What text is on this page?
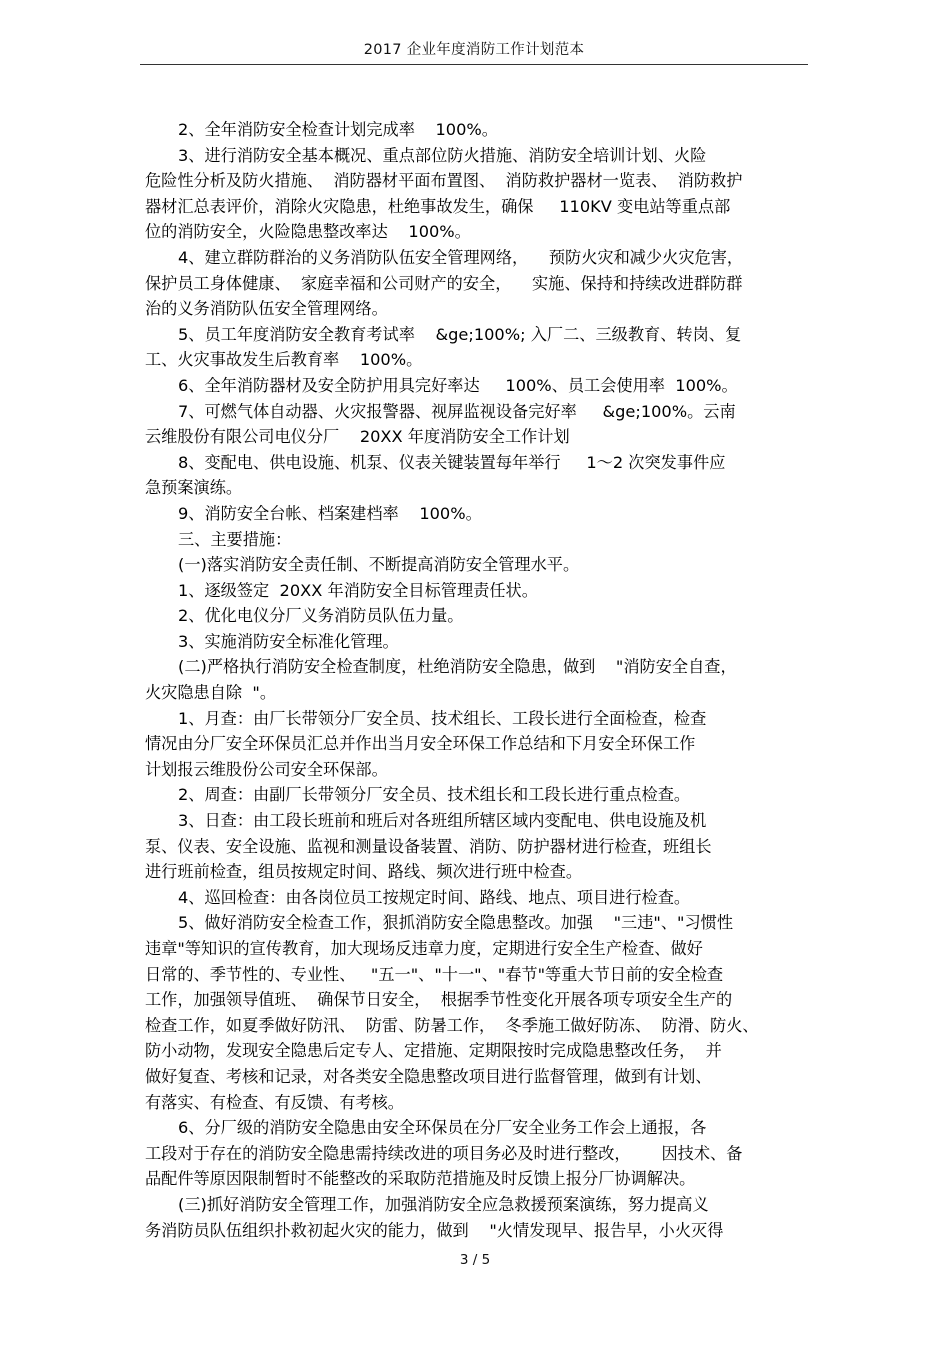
2017 企业年度消防工作计划范本
2、全年消防安全检查计划完成率    100%。
3、进行消防安全基本概况、重点部位防火措施、消防安全培训计划、火险
危险性分析及防火措施、  消防器材平面布置图、  消防救护器材一览表、  消防救护
器材汇总表评价，消除火灾隐患，杜绝事故发生，确保     110KV 变电站等重点部
位的消防安全，火险隐患整改率达    100%。
4、建立群防群治的义务消防队伍安全管理网络，    预防火灾和减少火灾危害，
保护员工身体健康、  家庭幸福和公司财产的安全，    实施、保持和持续改进群防群
治的义务消防队伍安全管理网络。
5、员工年度消防安全教育考试率    &ge;100%; 入厂二、三级教育、转岗、复
工、火灾事故发生后教育率    100%。
6、全年消防器材及安全防护用具完好率达     100%、员工会使用率  100%。
7、可燃气体自动器、火灾报警器、视屏监视设备完好率     &ge;100%。云南
云维股份有限公司电仪分厂    20XX 年度消防安全工作计划
8、变配电、供电设施、机泵、仪表关键装置每年举行     1～2 次突发事件应
急预案演练。
9、消防安全台帐、档案建档率    100%。
三、主要措施：
(一)落实消防安全责任制、不断提高消防安全管理水平。
1、逐级签定  20XX 年消防安全目标管理责任状。
2、优化电仪分厂义务消防员队伍力量。
3、实施消防安全标准化管理。
(二)严格执行消防安全检查制度，杜绝消防安全隐患，做到    "消防安全自查，
火灾隐患自除  "。
1、月查：由厂长带领分厂安全员、技术组长、工段长进行全面检查，检查
情况由分厂安全环保员汇总并作出当月安全环保工作总结和下月安全环保工作
计划报云维股份公司安全环保部。
2、周查：由副厂长带领分厂安全员、技术组长和工段长进行重点检查。
3、日查：由工段长班前和班后对各班组所辖区域内变配电、供电设施及机
泵、仪表、安全设施、监视和测量设备装置、消防、防护器材进行检查，班组长
进行班前检查，组员按规定时间、路线、频次进行班中检查。
4、巡回检查：由各岗位员工按规定时间、路线、地点、项目进行检查。
5、做好消防安全检查工作，狠抓消防安全隐患整改。加强    "三违"、"习惯性
违章"等知识的宣传教育，加大现场反违章力度，定期进行安全生产检查、做好
日常的、季节性的、专业性、   "五一"、"十一"、"春节"等重大节日前的安全检查
工作，加强领导值班、  确保节日安全，  根据季节性变化开展各项专项安全生产的
检查工作，如夏季做好防汛、  防雷、防暑工作，  冬季施工做好防冻、  防滑、防火、
防小动物，发现安全隐患后定专人、定措施、定期限按时完成隐患整改任务，  并
做好复查、考核和记录，对各类安全隐患整改项目进行监督管理，做到有计划、
有落实、有检查、有反馈、有考核。
6、分厂级的消防安全隐患由安全环保员在分厂安全业务工作会上通报，各
工段对于存在的消防安全隐患需持续改进的项目务必及时进行整改，      因技术、备
品配件等原因限制暂时不能整改的采取防范措施及时反馈上报分厂协调解决。
(三)抓好消防安全管理工作，加强消防安全应急救援预案演练，努力提高义
务消防员队伍组织扑救初起火灾的能力，做到    "火情发现早、报告早，小火灭得
3 / 5
